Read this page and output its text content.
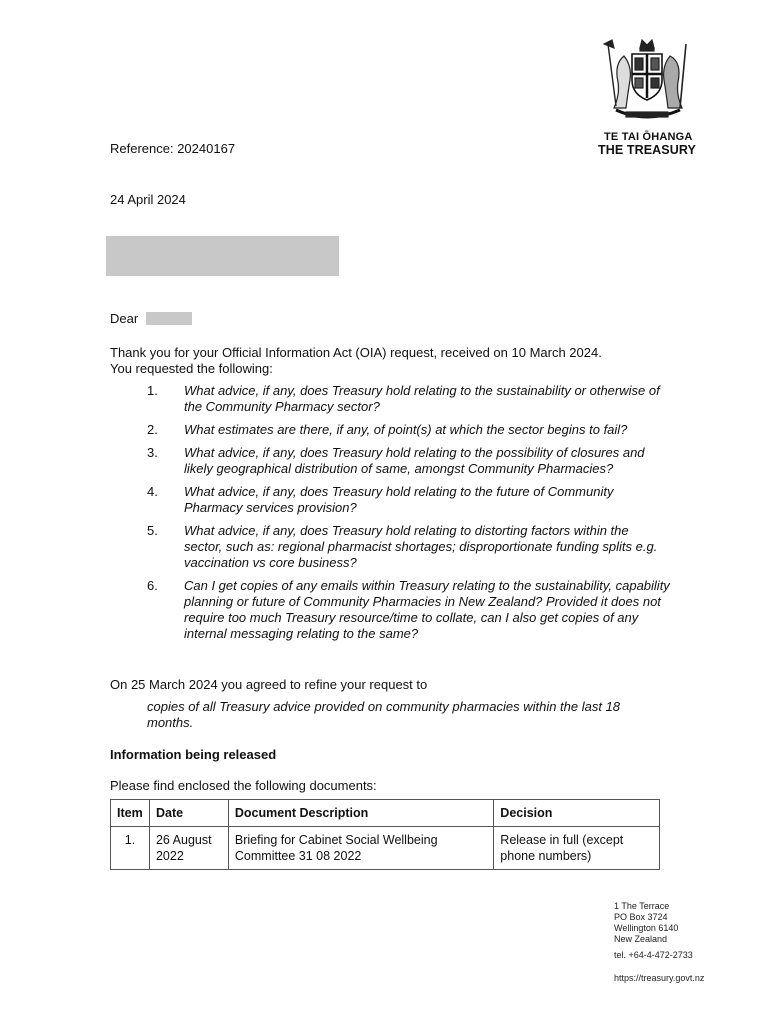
TE TAI ŌHANGA
THE TREASURY
Reference: 20240167
24 April 2024
Dear
Thank you for your Official Information Act (OIA) request, received on 10 March 2024.
You requested the following:
1. What advice, if any, does Treasury hold relating to the sustainability or otherwise of the Community Pharmacy sector?
2. What estimates are there, if any, of point(s) at which the sector begins to fail?
3. What advice, if any, does Treasury hold relating to the possibility of closures and likely geographical distribution of same, amongst Community Pharmacies?
4. What advice, if any, does Treasury hold relating to the future of Community Pharmacy services provision?
5. What advice, if any, does Treasury hold relating to distorting factors within the sector, such as: regional pharmacist shortages; disproportionate funding splits e.g. vaccination vs core business?
6. Can I get copies of any emails within Treasury relating to the sustainability, capability planning or future of Community Pharmacies in New Zealand? Provided it does not require too much Treasury resource/time to collate, can I also get copies of any internal messaging relating to the same?
On 25 March 2024 you agreed to refine your request to
copies of all Treasury advice provided on community pharmacies within the last 18 months.
Information being released
Please find enclosed the following documents:
Item	Date	Document Description	Decision
1.	26 August 2022	Briefing for Cabinet Social Wellbeing Committee 31 08 2022	Release in full (except phone numbers)
1 The Terrace
PO Box 3724
Wellington 6140
New Zealand
tel. +64-4-472-2733
https://treasury.govt.nz
